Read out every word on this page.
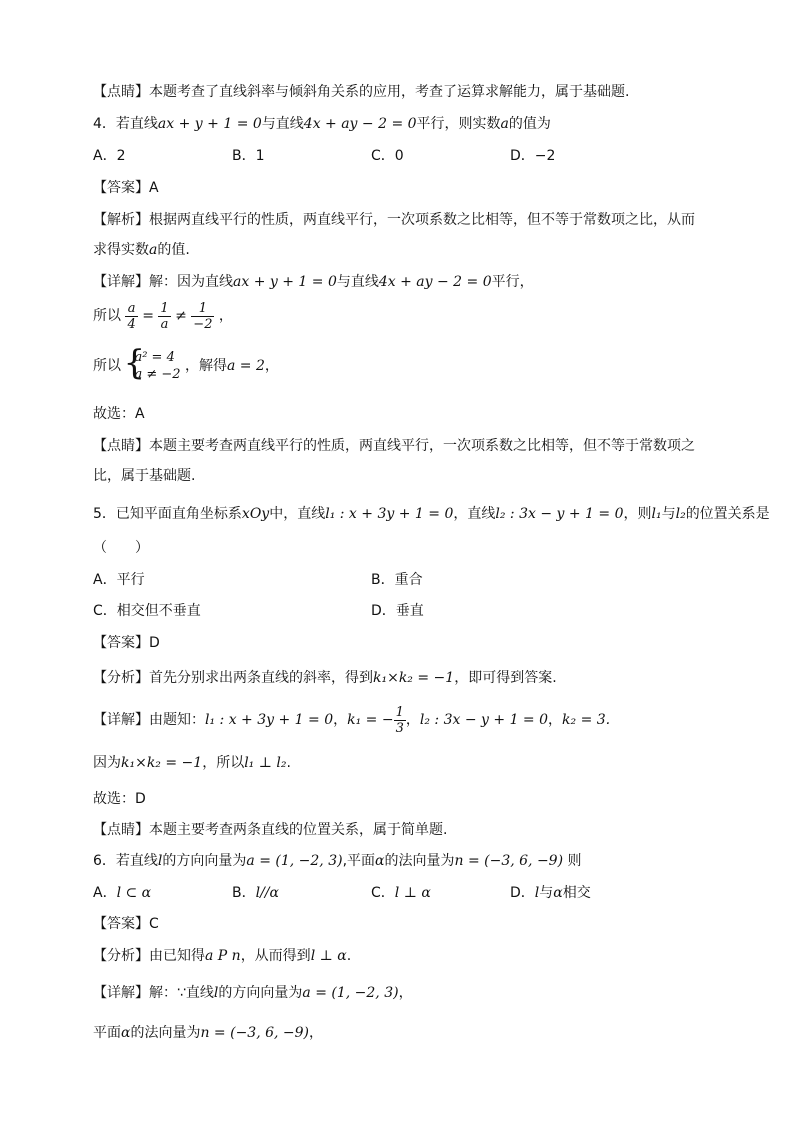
【点睛】本题考查了直线斜率与倾斜角关系的应用，考查了运算求解能力，属于基础题.
4．若直线ax + y + 1 = 0与直线4x + ay − 2 = 0平行，则实数a的值为
A．2	B．1	C．0	D．−2
【答案】A
【解析】根据两直线平行的性质，两直线平行，一次项系数之比相等，但不等于常数项之比，从而
求得实数a的值.
【详解】解：因为直线ax + y + 1 = 0与直线4x + ay − 2 = 0平行，
所以 $\frac{a}{4} = \frac{1}{a} \ne \frac{1}{-2}$ ，
所以
{ a² = 4
a ≠ −2
，解得a = 2，
故选：A
【点睛】本题主要考查两直线平行的性质，两直线平行，一次项系数之比相等，但不等于常数项之
比，属于基础题.
5．已知平面直角坐标系xOy中，直线l₁ : x + 3y + 1 = 0，直线l₂ : 3x − y + 1 = 0，则l₁与l₂的位置关系是
（　　）
A．平行	B．重合
C．相交但不垂直	D．垂直
【答案】D
【分析】首先分别求出两条直线的斜率，得到k₁×k₂ = −1，即可得到答案.
【详解】由题知：l₁ : x + 3y + 1 = 0，k₁ = − $\frac{1}{3}$ ，l₂ : 3x − y + 1 = 0，k₂ = 3.
因为k₁×k₂ = −1，所以l₁ ⊥ l₂.
故选：D
【点睛】本题主要考查两条直线的位置关系，属于简单题.
6．若直线l的方向向量为a = (1, −2, 3),平面α的法向量为n = (−3, 6, −9) 则
A．l ⊂ α	B．l//α	C．l ⊥ α	D．l与α相交
【答案】C
【分析】由已知得a P n，从而得到l ⊥ α.
【详解】解：∵直线l的方向向量为a = (1, −2, 3)，
平面α的法向量为n = (−3, 6, −9)，
